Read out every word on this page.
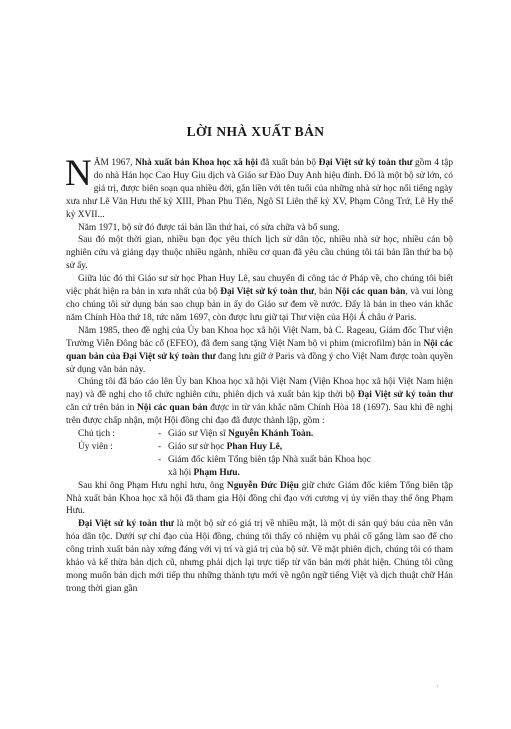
LỜI NHÀ XUẤT BẢN

NĂM 1967, Nhà xuất bản Khoa học xã hội đã xuất bản bộ Đại Việt sử ký toàn thư gồm 4 tập do nhà Hán học Cao Huy Giu dịch và Giáo sư Đào Duy Anh hiệu đính. Đó là một bộ sử lớn, có giá trị, được biên soạn qua nhiều đời, gắn liền với tên tuổi của những nhà sử học nổi tiếng ngày xưa như Lê Văn Hưu thế kỷ XIII, Phan Phu Tiên, Ngô Sĩ Liên thế kỷ XV, Phạm Công Trứ, Lê Hy thế kỷ XVII...

Năm 1971, bộ sử đó được tái bản lần thứ hai, có sửa chữa và bổ sung.

Sau đó một thời gian, nhiều bạn đọc yêu thích lịch sử dân tộc, nhiều nhà sử học, nhiều cán bộ nghiên cứu và giảng dạy thuộc nhiều ngành, nhiều cơ quan đã yêu cầu chúng tôi tái bản lần thứ ba bộ sử ấy.

Giữa lúc đó thì Giáo sư sử học Phan Huy Lê, sau chuyến đi công tác ở Pháp về, cho chúng tôi biết việc phát hiện ra bản in xưa nhất của bộ Đại Việt sử ký toàn thư, bản Nội các quan bản, và vui lòng cho chúng tôi sử dụng bản sao chụp bản in ấy do Giáo sư đem về nước. Đấy là bản in theo ván khắc năm Chính Hòa thứ 18, tức năm 1697, còn được lưu giữ tại Thư viện của Hội Á châu ở Paris.

Năm 1985, theo đề nghị của Ủy ban Khoa học xã hội Việt Nam, bà C. Rageau, Giám đốc Thư viện Trường Viễn Đông bác cổ (EFEO), đã đem sang tặng Việt Nam bộ vi phim (microfilm) bản in Nội các quan bản của Đại Việt sử ký toàn thư đang lưu giữ ở Paris và đồng ý cho Việt Nam được toàn quyền sử dụng văn bản này.

Chúng tôi đã báo cáo lên Ủy ban Khoa học xã hội Việt Nam (Viện Khoa học xã hội Việt Nam hiện nay) và đề nghị cho tổ chức nghiên cứu, phiên dịch và xuất bản kịp thời bộ Đại Việt sử ký toàn thư căn cứ trên bản in Nội các quan bản được in từ ván khắc năm Chính Hòa 18 (1697). Sau khi đề nghị trên được chấp nhận, một Hội đồng chỉ đạo đã được thành lập, gồm :

Chủ tịch :	- Giáo sư Viện sĩ Nguyễn Khánh Toàn.
Ủy viên :	- Giáo sư sử học Phan Huy Lê,
- Giám đốc kiêm Tổng biên tập Nhà xuất bản Khoa học
xã hội Phạm Hưu.

Sau khi ông Phạm Hưu nghỉ hưu, ông Nguyễn Đức Diệu giữ chức Giám đốc kiêm Tổng biên tập Nhà xuất bản Khoa học xã hội đã tham gia Hội đồng chỉ đạo với cương vị ủy viên thay thế ông Phạm Hưu.

Đại Việt sử ký toàn thư là một bộ sử có giá trị về nhiều mặt, là một di sản quý báu của nền văn hóa dân tộc. Dưới sự chỉ đạo của Hội đồng, chúng tôi thấy có nhiệm vụ phải cố gắng làm sao để cho công trình xuất bản này xứng đáng với vị trí và giá trị của bộ sử. Về mặt phiên dịch, chúng tôi có tham khảo và kế thừa bản dịch cũ, nhưng phải dịch lại trực tiếp từ văn bản mới phát hiện. Chúng tôi cũng mong muốn bản dịch mới tiếp thu những thành tựu mới về ngôn ngữ tiếng Việt và dịch thuật chữ Hán trong thời gian gần

·
